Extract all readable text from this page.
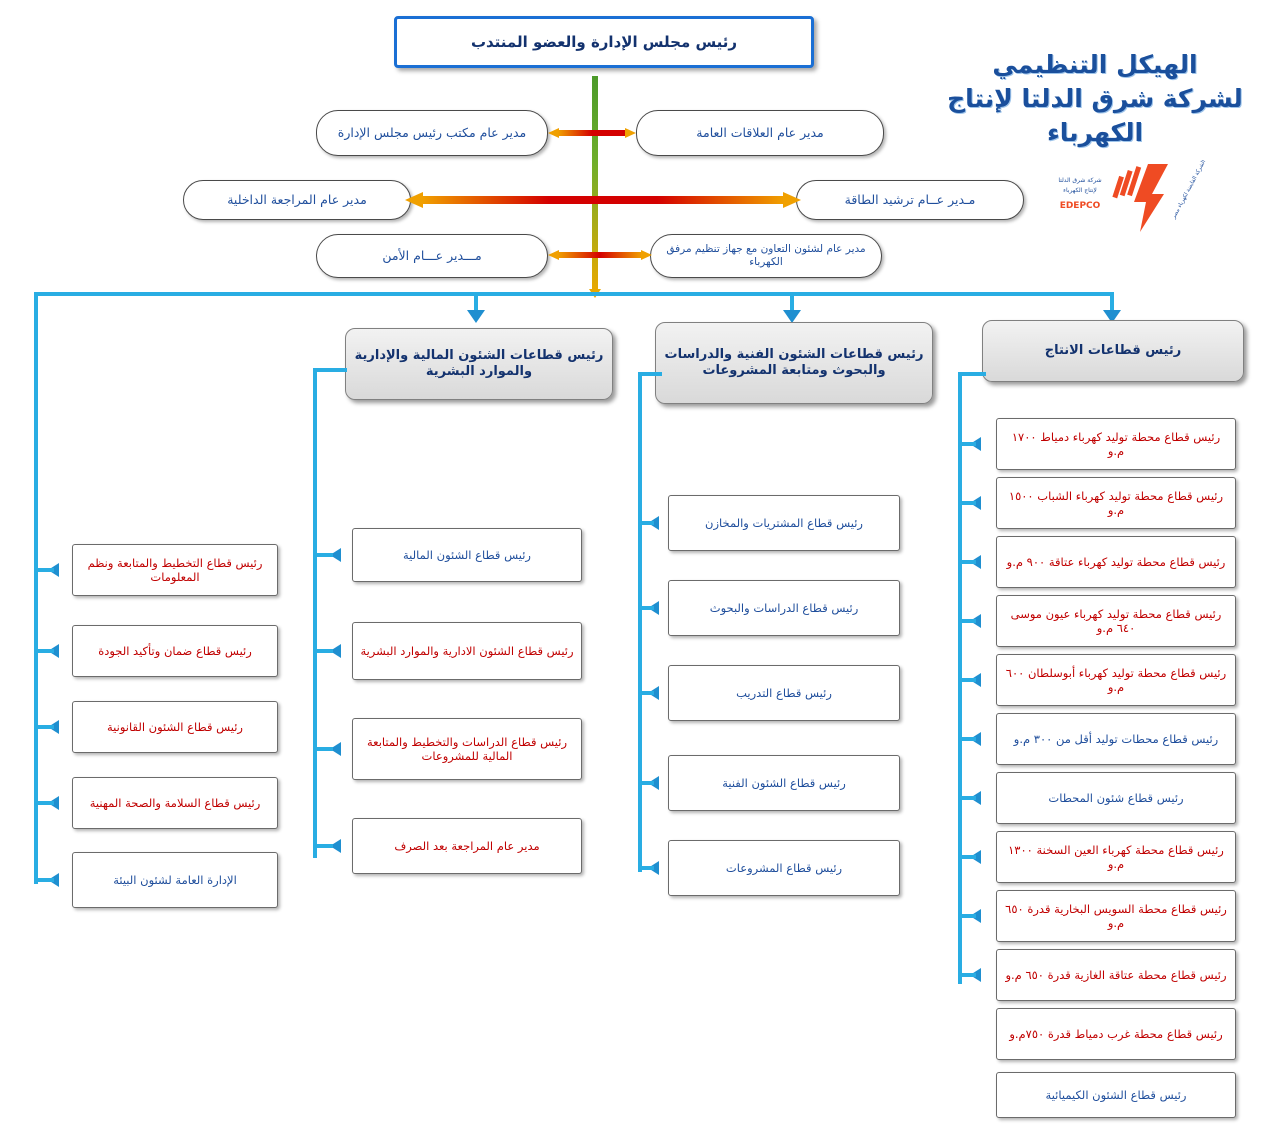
الهيكل التنظيمي
لشركة شرق الدلتا لإنتاج الكهرباء
شركة شرق الدلتا
لإنتاج الكهرباء
EDEPCO	الشركة القابضة لكهرباء مصر
رئيس مجلس الإدارة والعضو المنتدب
مدير عام مكتب رئيس مجلس الإدارة	مدير عام العلاقات العامة
مدير عام المراجعة الداخلية	مـدير عــام ترشيد الطاقة
مـــدير عـــام الأمن	مدير عام لشئون التعاون مع جهاز تنظيم مرفق الكهرباء
رئيس قطاعات الشئون المالية والإدارية والموارد البشرية
رئيس قطاعات الشئون الفنية والدراسات والبحوث ومتابعة المشروعات
رئيس قطاعات الانتاج
رئيس قطاع الشئون المالية
رئيس قطاع الشئون الادارية والموارد البشرية
رئيس قطاع الدراسات والتخطيط والمتابعة المالية للمشروعات
مدير عام المراجعة بعد الصرف
رئيس قطاع المشتريات والمخازن
رئيس قطاع الدراسات والبحوث
رئيس قطاع التدريب
رئيس قطاع الشئون الفنية
رئيس قطاع المشروعات
رئيس قطاع محطة توليد كهرباء دمياط ١٧٠٠ م.و
رئيس قطاع محطة توليد كهرباء الشباب ١٥٠٠ م.و
رئيس قطاع محطة توليد كهرباء عتاقة ٩٠٠ م.و
رئيس قطاع محطة توليد كهرباء عيون موسى ٦٤٠ م.و
رئيس قطاع محطة توليد كهرباء أبوسلطان ٦٠٠ م.و
رئيس قطاع محطات توليد أقل من ٣٠٠ م.و
رئيس قطاع شئون المحطات
رئيس قطاع محطة كهرباء العين السخنة ١٣٠٠ م.و
رئيس قطاع محطة السويس البخارية قدرة ٦٥٠ م.و
رئيس قطاع محطة عتاقة الغازية قدرة ٦٥٠ م.و
رئيس قطاع محطة غرب دمياط قدرة ٧٥٠م.و
رئيس قطاع الشئون الكيميائية
رئيس قطاع التخطيط والمتابعة ونظم المعلومات
رئيس قطاع ضمان وتأكيد الجودة
رئيس قطاع الشئون القانونية
رئيس قطاع السلامة والصحة المهنية
الإدارة العامة لشئون البيئة
